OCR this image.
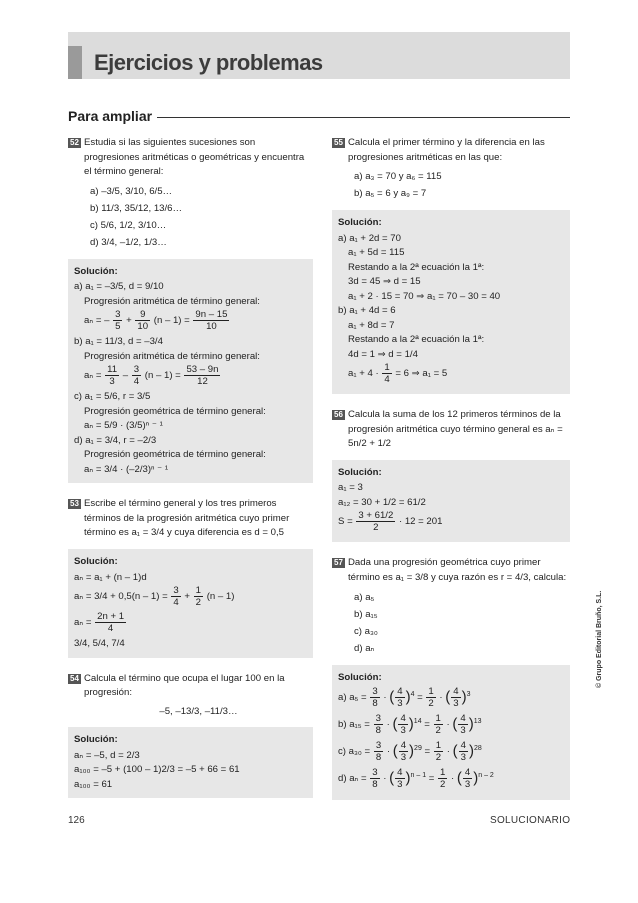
Ejercicios y problemas
Para ampliar
52 Estudia si las siguientes sucesiones son progresiones aritméticas o geométricas y encuentra el término general:

a) –3/5, 3/10, 6/5…
b) 11/3, 35/12, 13/6…
c) 5/6, 1/2, 3/10…
d) 3/4, –1/2, 1/3…
Solución:
a) a₁ = –3/5, d = 9/10
Progresión aritmética de término general:
aₙ = – $\frac{3}{5} + \frac{9}{10} (n - 1) = \frac{9n - 15}{10}$
b) a₁ = 11/3, d = –3/4
Progresión aritmética de término general:
$a_n = \frac{11}{3} - \frac{3}{4} (n - 1) = \frac{53 - 9n}{12}$
c) a₁ = 5/6, r = 3/5
Progresión geométrica de término general:
aₙ = 5/9 · (3/5)ⁿ ⁻ ¹
d) a₁ = 3/4, r = –2/3
Progresión geométrica de término general:
aₙ = 3/4 · (–2/3)ⁿ ⁻ ¹
53 Escribe el término general y los tres primeros términos de la progresión aritmética cuyo primer término es a₁ = 3/4 y cuya diferencia es d = 0,5

Solución:
aₙ = a₁ + (n – 1)d
$a_n = 3/4 + 0,5(n - 1) = \frac{3}{4} + \frac{1}{2} (n - 1)$
$a_n = \frac{2n + 1}{4}$
3/4, 5/4, 7/4
54 Calcula el término que ocupa el lugar 100 en la progresión:

–5, –13/3, –11/3…
Solución:
aₙ = –5, d = 2/3
a₁₀₀ = –5 + (100 – 1)2/3 = –5 + 66 = 61
a₁₀₀ = 61
55 Calcula el primer término y la diferencia en las progresiones aritméticas en las que:

a) a₃ = 70 y a₆ = 115
b) a₅ = 6 y a₉ = 7
Solución:
a) a₁ + 2d = 70
a₁ + 5d = 115
Restando a la 2ª ecuación la 1ª:
3d = 45 ⇒ d = 15
a₁ + 2 · 15 = 70 ⇒ a₁ = 70 – 30 = 40
b) a₁ + 4d = 6
a₁ + 8d = 7
Restando a la 2ª ecuación la 1ª:
4d = 1 ⇒ d = 1/4
$a_1 + 4 \cdot \frac{1}{4} = 6$ ⇒ a₁ = 5
56 Calcula la suma de los 12 primeros términos de la progresión aritmética cuyo término general es aₙ = 5n/2 + 1/2

Solución:
a₁ = 3
a₁₂ = 30 + 1/2 = 61/2
$S = \frac{3 + 61/2}{2} \cdot 12 = 201$
57 Dada una progresión geométrica cuyo primer término es a₁ = 3/8 y cuya razón es r = 4/3, calcula:

a) a₅
b) a₁₅
c) a₃₀
d) aₙ
Solución:
a) $a_5 = \frac{3}{8}$ · ( $\frac{4}{3} )^4 = \frac{1}{2}$ · ( $\frac{4}{3} )^3$
b) $a_{15} = \frac{3}{8}$ · ( $\frac{4}{3} )^{14} = \frac{1}{2}$ · ( $\frac{4}{3} )^{13}$
c) $a_{30} = \frac{3}{8}$ · ( $\frac{4}{3} )^{29} = \frac{1}{2}$ · ( $\frac{4}{3} )^{28}$
d) $a_n = \frac{3}{8}$ · ( $\frac{4}{3} )^{n - 1} = \frac{1}{2}$ · ( $\frac{4}{3} )^{n - 2}$
126	SOLUCIONARIO
© Grupo Editorial Bruño, S.L.
